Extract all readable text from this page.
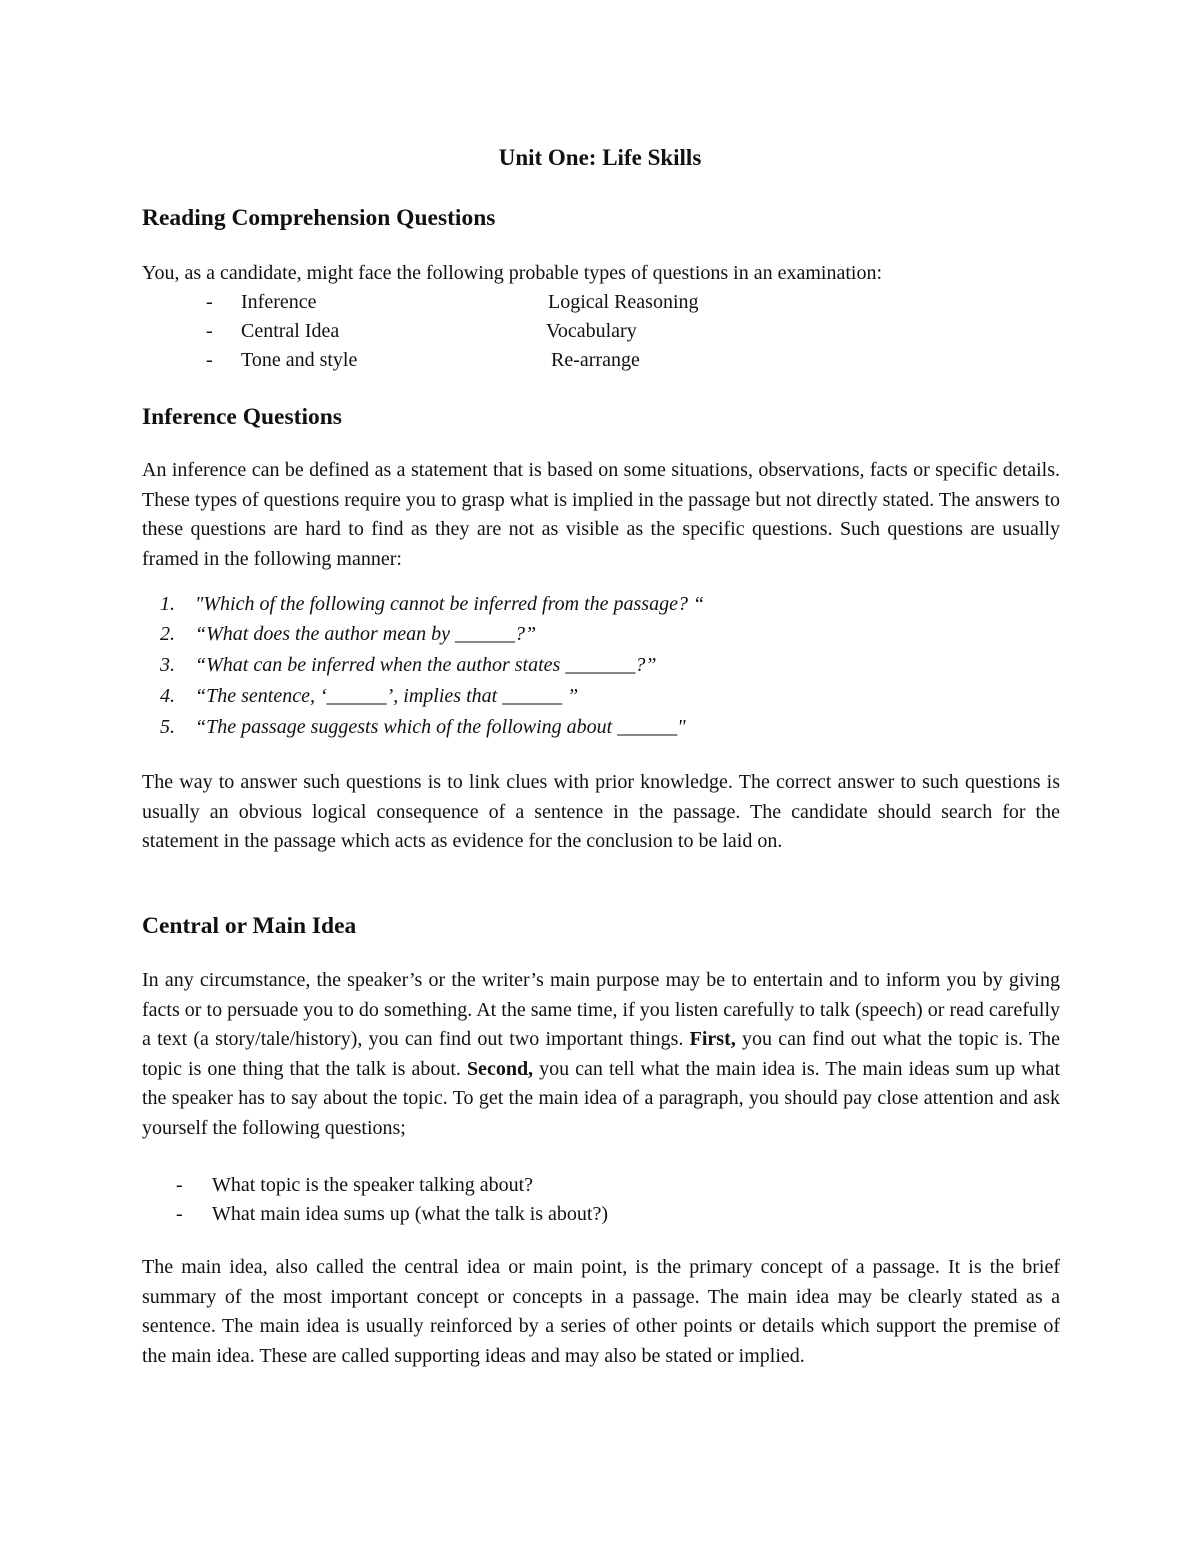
Unit One: Life Skills
Reading Comprehension Questions

You, as a candidate, might face the following probable types of questions in an examination:

- Inference	Logical Reasoning
- Central Idea	Vocabulary
- Tone and style	Re-arrange
Inference Questions

An inference can be defined as a statement that is based on some situations, observations, facts or specific details. These types of questions require you to grasp what is implied in the passage but not directly stated. The answers to these questions are hard to find as they are not as visible as the specific questions. Such questions are usually framed in the following manner:

1. "Which of the following cannot be inferred from the passage? “
2. “What does the author mean by ______?”
3. “What can be inferred when the author states _______?”
4. “The sentence, ‘______’, implies that ______ ”
5. “The passage suggests which of the following about ______"

The way to answer such questions is to link clues with prior knowledge. The correct answer to such questions is usually an obvious logical consequence of a sentence in the passage. The candidate should search for the statement in the passage which acts as evidence for the conclusion to be laid on.

Central or Main Idea

In any circumstance, the speaker’s or the writer’s main purpose may be to entertain and to inform you by giving facts or to persuade you to do something. At the same time, if you listen carefully to talk (speech) or read carefully a text (a story/tale/history), you can find out two important things. First, you can find out what the topic is. The topic is one thing that the talk is about. Second, you can tell what the main idea is. The main ideas sum up what the speaker has to say about the topic. To get the main idea of a paragraph, you should pay close attention and ask yourself the following questions;

- What topic is the speaker talking about?
- What main idea sums up (what the talk is about?)

The main idea, also called the central idea or main point, is the primary concept of a passage. It is the brief summary of the most important concept or concepts in a passage. The main idea may be clearly stated as a sentence. The main idea is usually reinforced by a series of other points or details which support the premise of the main idea. These are called supporting ideas and may also be stated or implied.
